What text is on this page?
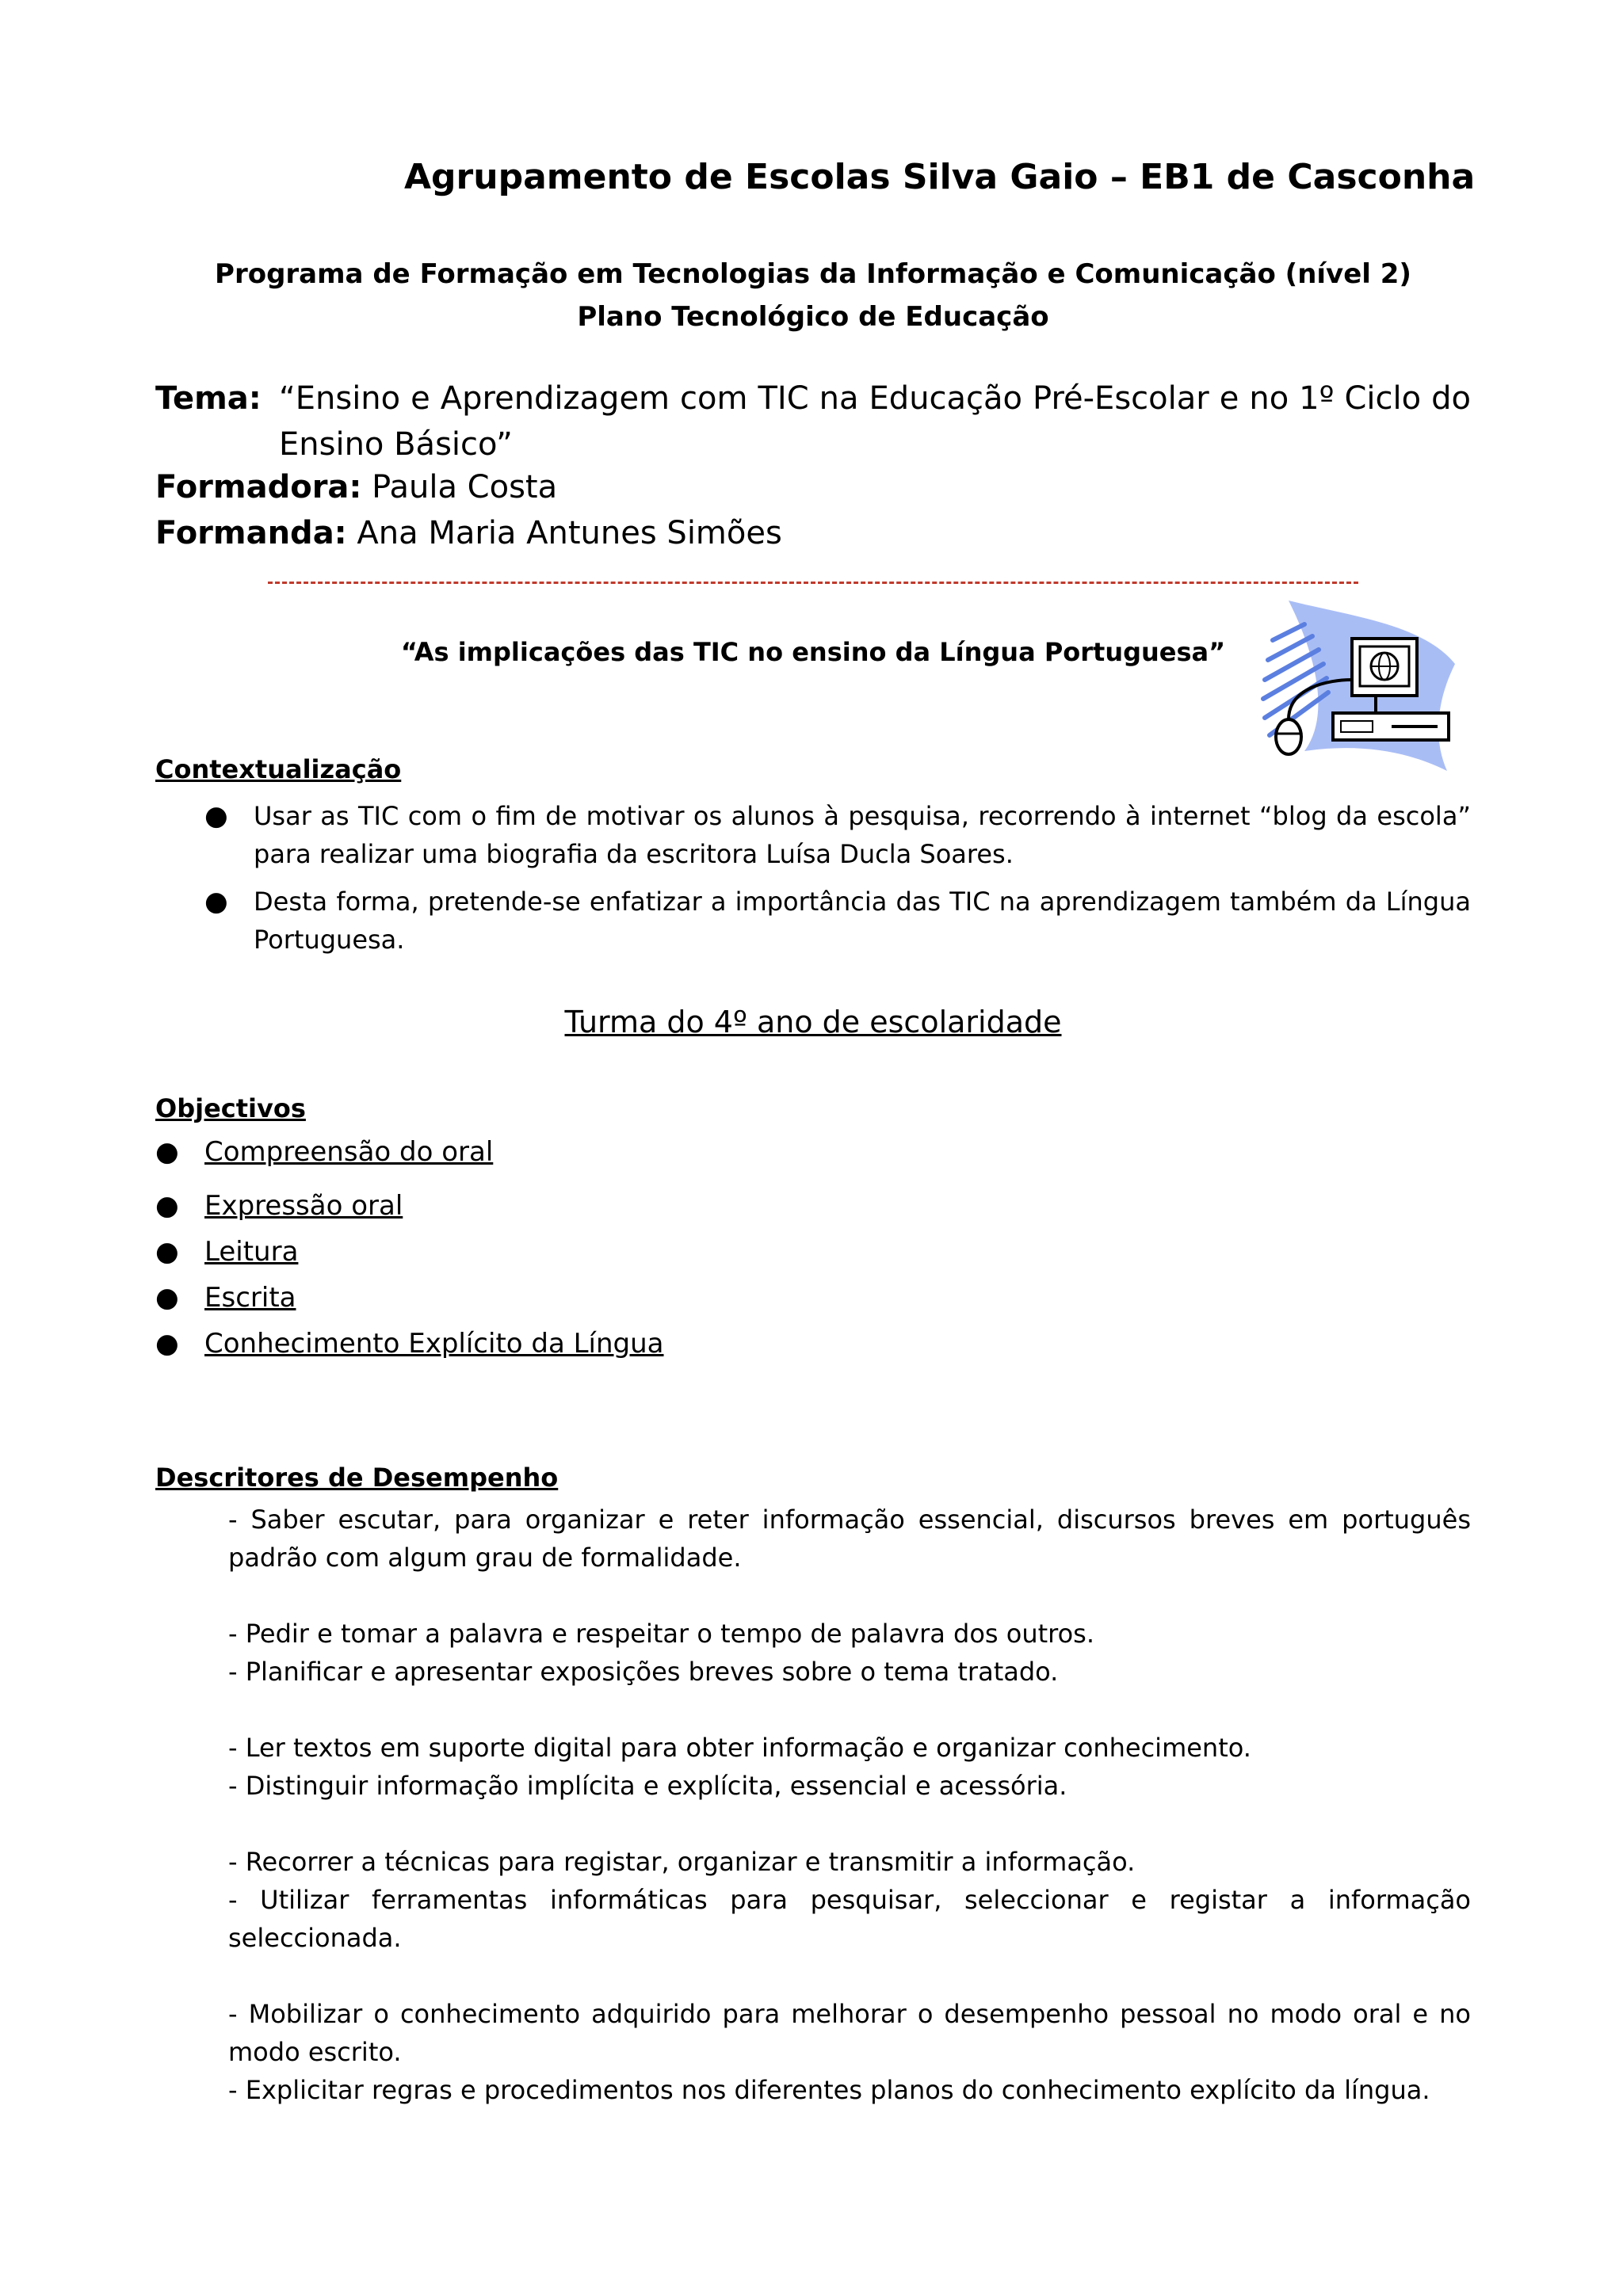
Agrupamento de Escolas Silva Gaio – EB1 de Casconha
Programa de Formação em Tecnologias da Informação e Comunicação (nível 2)
Plano Tecnológico de Educação
Tema: “Ensino e Aprendizagem com TIC na Educação Pré-Escolar e no 1º Ciclo do Ensino Básico”
Formadora: Paula Costa
Formanda: Ana Maria Antunes Simões
“As implicações das TIC no ensino da Língua Portuguesa”
Contextualização
●	Usar as TIC com o fim de motivar os alunos à pesquisa, recorrendo à internet “blog da escola” para realizar uma biografia da escritora Luísa Ducla Soares.
●	Desta forma, pretende-se enfatizar a importância das TIC na aprendizagem também da Língua Portuguesa.
Turma do 4º ano de escolaridade
Objectivos
● Compreensão do oral
● Expressão oral
● Leitura
● Escrita
● Conhecimento Explícito da Língua
Descritores de Desempenho
- Saber escutar, para organizar e reter informação essencial, discursos breves em português padrão com algum grau de formalidade.
- Pedir e tomar a palavra e respeitar o tempo de palavra dos outros.
- Planificar e apresentar exposições breves sobre o tema tratado.
- Ler textos em suporte digital para obter informação e organizar conhecimento.
- Distinguir informação implícita e explícita, essencial e acessória.
- Recorrer a técnicas para registar, organizar e transmitir a informação.
- Utilizar ferramentas informáticas para pesquisar, seleccionar e registar a informação seleccionada.
- Mobilizar o conhecimento adquirido para melhorar o desempenho pessoal no modo oral e no modo escrito.
- Explicitar regras e procedimentos nos diferentes planos do conhecimento explícito da língua.
